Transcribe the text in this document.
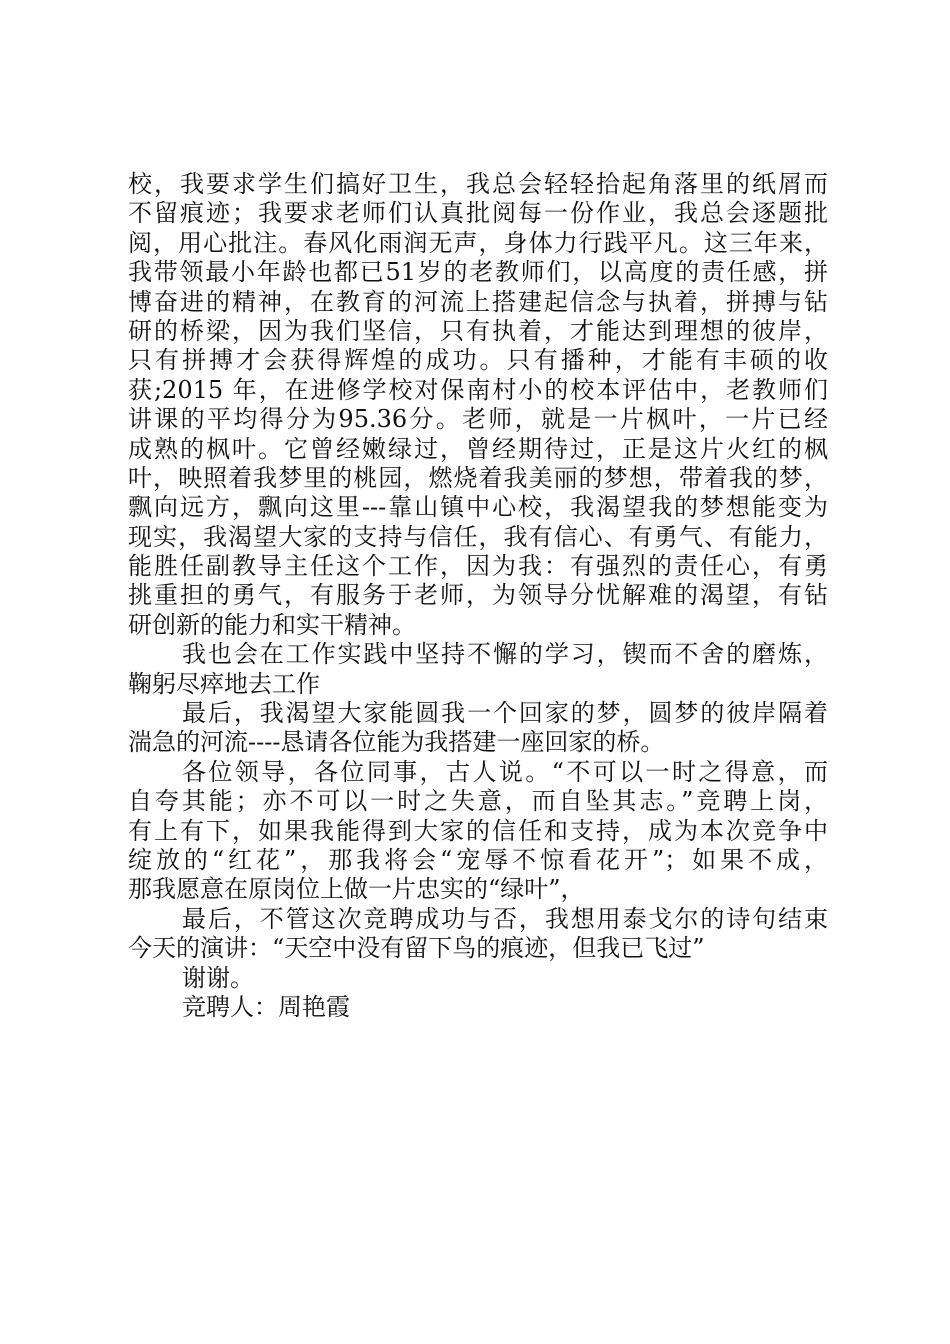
校，我要求学生们搞好卫生，我总会轻轻拾起角落里的纸屑而
不留痕迹；我要求老师们认真批阅每一份作业，我总会逐题批
阅，用心批注。春风化雨润无声，身体力行践平凡。这三年来，
我带领最小年龄也都已51岁的老教师们，以高度的责任感，拼
博奋进的精神，在教育的河流上搭建起信念与执着，拼搏与钻
研的桥梁，因为我们坚信，只有执着，才能达到理想的彼岸，
只有拼搏才会获得辉煌的成功。只有播种，才能有丰硕的收
获;2015 年，在进修学校对保南村小的校本评估中，老教师们
讲课的平均得分为95.36分。老师，就是一片枫叶，一片已经
成熟的枫叶。它曾经嫩绿过，曾经期待过，正是这片火红的枫
叶，映照着我梦里的桃园，燃烧着我美丽的梦想，带着我的梦，
飘向远方，飘向这里---靠山镇中心校，我渴望我的梦想能变为
现实，我渴望大家的支持与信任，我有信心、有勇气、有能力，
能胜任副教导主任这个工作，因为我：有强烈的责任心，有勇
挑重担的勇气，有服务于老师，为领导分忧解难的渴望，有钻
研创新的能力和实干精神。
我也会在工作实践中坚持不懈的学习，锲而不舍的磨炼，
鞠躬尽瘁地去工作
最后，我渴望大家能圆我一个回家的梦，圆梦的彼岸隔着
湍急的河流----恳请各位能为我搭建一座回家的桥。
各位领导，各位同事，古人说。“不可以一时之得意，而
自夸其能；亦不可以一时之失意，而自坠其志。”竞聘上岗，
有上有下，如果我能得到大家的信任和支持，成为本次竞争中
绽放的“红花”，那我将会“宠辱不惊看花开”；如果不成，
那我愿意在原岗位上做一片忠实的“绿叶”，
最后，不管这次竞聘成功与否，我想用泰戈尔的诗句结束
今天的演讲：“天空中没有留下鸟的痕迹，但我已飞过”
谢谢。
竞聘人：周艳霞
